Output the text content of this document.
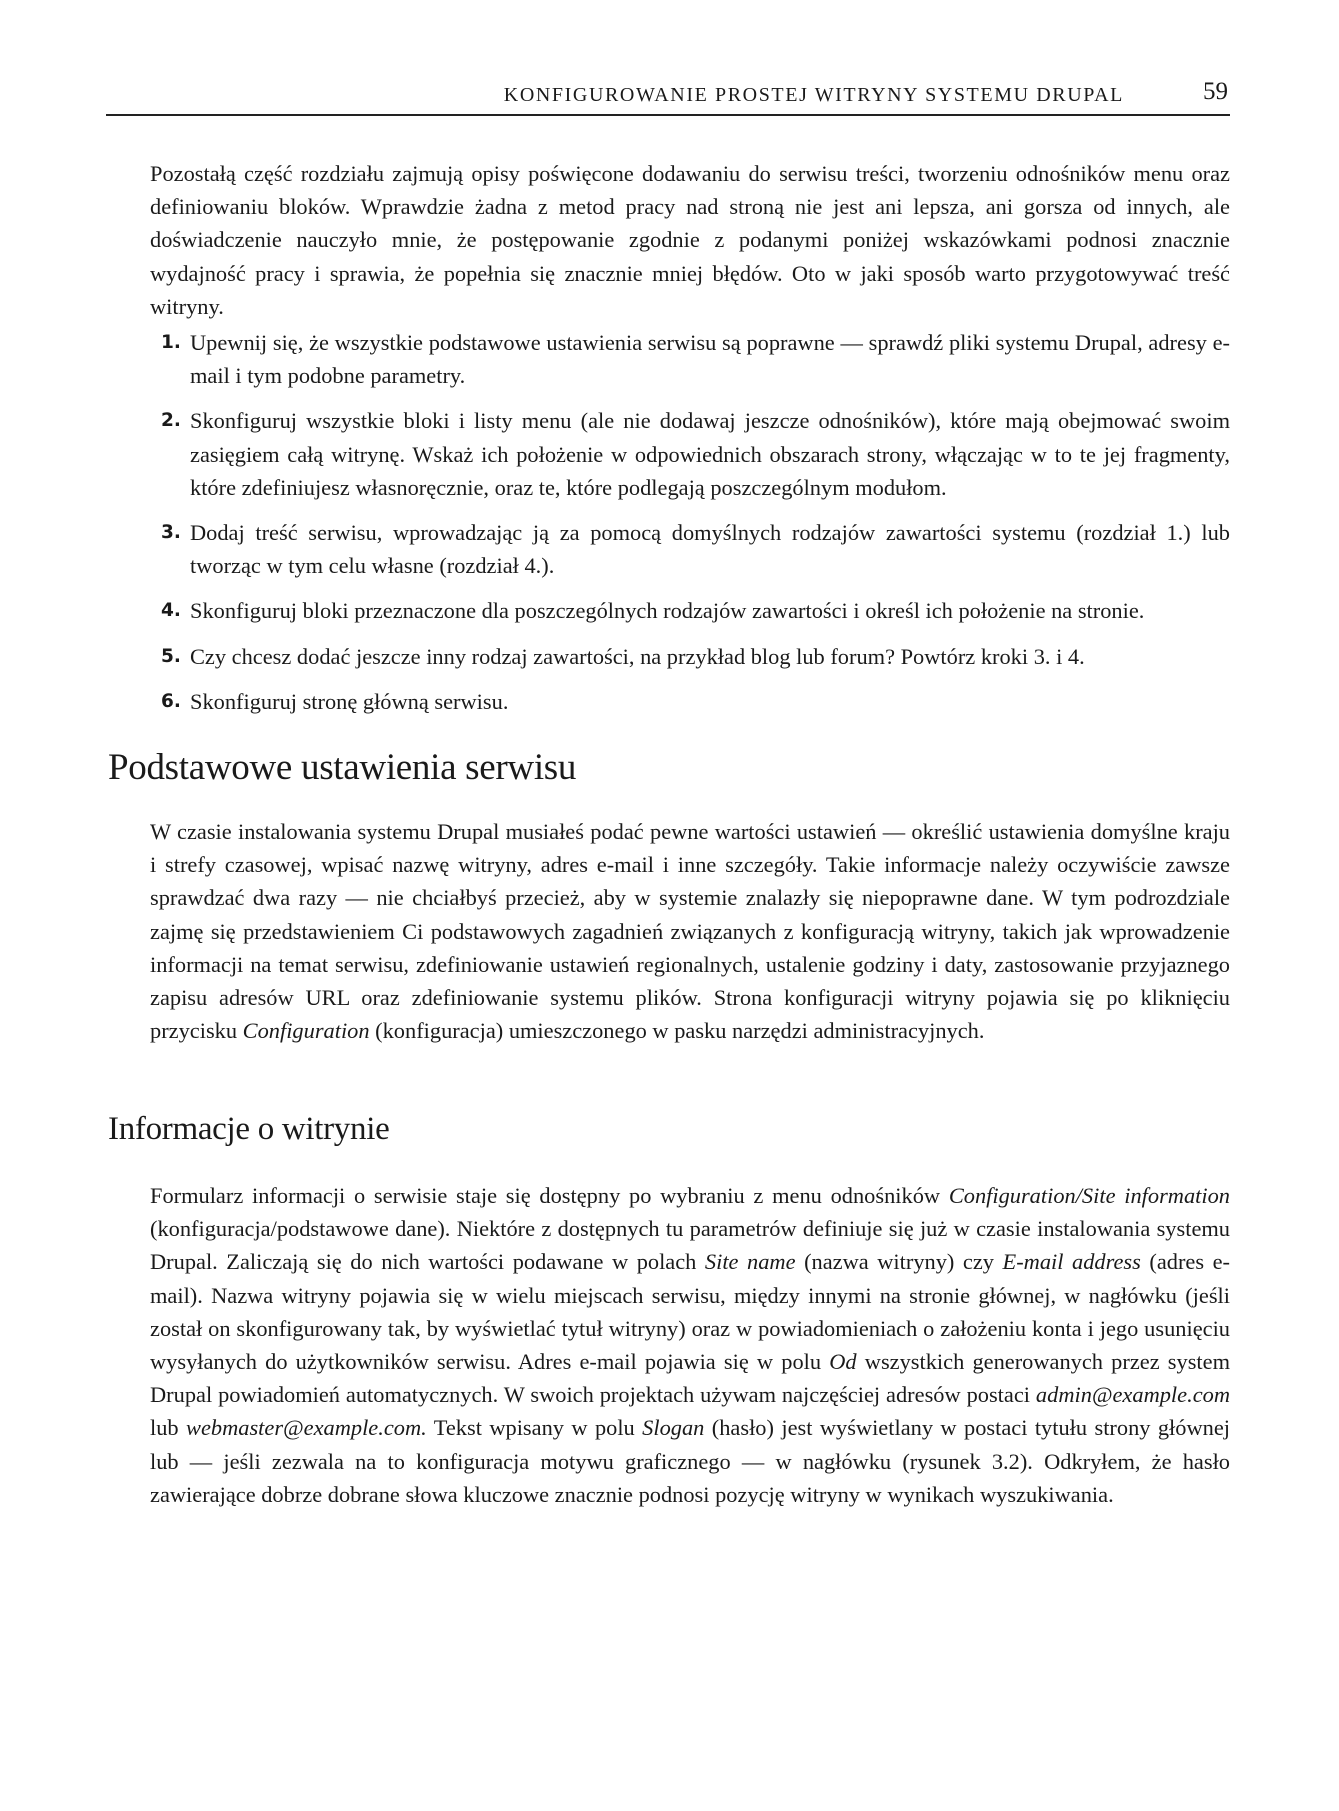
KONFIGUROWANIE PROSTEJ WITRYNY SYSTEMU DRUPAL	59

Pozostałą część rozdziału zajmują opisy poświęcone dodawaniu do serwisu treści, tworzeniu odnośników menu oraz definiowaniu bloków. Wprawdzie żadna z metod pracy nad stroną nie jest ani lepsza, ani gorsza od innych, ale doświadczenie nauczyło mnie, że postępowanie zgodnie z podanymi poniżej wskazówkami podnosi znacznie wydajność pracy i sprawia, że popełnia się znacznie mniej błędów. Oto w jaki sposób warto przygotowywać treść witryny.

1. Upewnij się, że wszystkie podstawowe ustawienia serwisu są poprawne — sprawdź pliki systemu Drupal, adresy e-mail i tym podobne parametry.
2. Skonfiguruj wszystkie bloki i listy menu (ale nie dodawaj jeszcze odnośników), które mają obejmować swoim zasięgiem całą witrynę. Wskaż ich położenie w odpowiednich obszarach strony, włączając w to te jej fragmenty, które zdefiniujesz własnoręcznie, oraz te, które podlegają poszczególnym modułom.
3. Dodaj treść serwisu, wprowadzając ją za pomocą domyślnych rodzajów zawartości systemu (rozdział 1.) lub tworząc w tym celu własne (rozdział 4.).
4. Skonfiguruj bloki przeznaczone dla poszczególnych rodzajów zawartości i określ ich położenie na stronie.
5. Czy chcesz dodać jeszcze inny rodzaj zawartości, na przykład blog lub forum? Powtórz kroki 3. i 4.
6. Skonfiguruj stronę główną serwisu.
Podstawowe ustawienia serwisu

W czasie instalowania systemu Drupal musiałeś podać pewne wartości ustawień — określić ustawienia domyślne kraju i strefy czasowej, wpisać nazwę witryny, adres e-mail i inne szczegóły. Takie informacje należy oczywiście zawsze sprawdzać dwa razy — nie chciałbyś przecież, aby w systemie znalazły się niepoprawne dane. W tym podrozdziale zajmę się przedstawieniem Ci podstawowych zagadnień związanych z konfiguracją witryny, takich jak wprowadzenie informacji na temat serwisu, zdefiniowanie ustawień regionalnych, ustalenie godziny i daty, zastosowanie przyjaznego zapisu adresów URL oraz zdefiniowanie systemu plików. Strona konfiguracji witryny pojawia się po kliknięciu przycisku Configuration (konfiguracja) umieszczonego w pasku narzędzi administracyjnych.

Informacje o witrynie

Formularz informacji o serwisie staje się dostępny po wybraniu z menu odnośników Configuration/Site information (konfiguracja/podstawowe dane). Niektóre z dostępnych tu parametrów definiuje się już w czasie instalowania systemu Drupal. Zaliczają się do nich wartości podawane w polach Site name (nazwa witryny) czy E-mail address (adres e-mail). Nazwa witryny pojawia się w wielu miejscach serwisu, między innymi na stronie głównej, w nagłówku (jeśli został on skonfigurowany tak, by wyświetlać tytuł witryny) oraz w powiadomieniach o założeniu konta i jego usunięciu wysyłanych do użytkowników serwisu. Adres e-mail pojawia się w polu Od wszystkich generowanych przez system Drupal powiadomień automatycznych. W swoich projektach używam najczęściej adresów postaci admin@example.com lub webmaster@example.com. Tekst wpisany w polu Slogan (hasło) jest wyświetlany w postaci tytułu strony głównej lub — jeśli zezwala na to konfiguracja motywu graficznego — w nagłówku (rysunek 3.2). Odkryłem, że hasło zawierające dobrze dobrane słowa kluczowe znacznie podnosi pozycję witryny w wynikach wyszukiwania.
